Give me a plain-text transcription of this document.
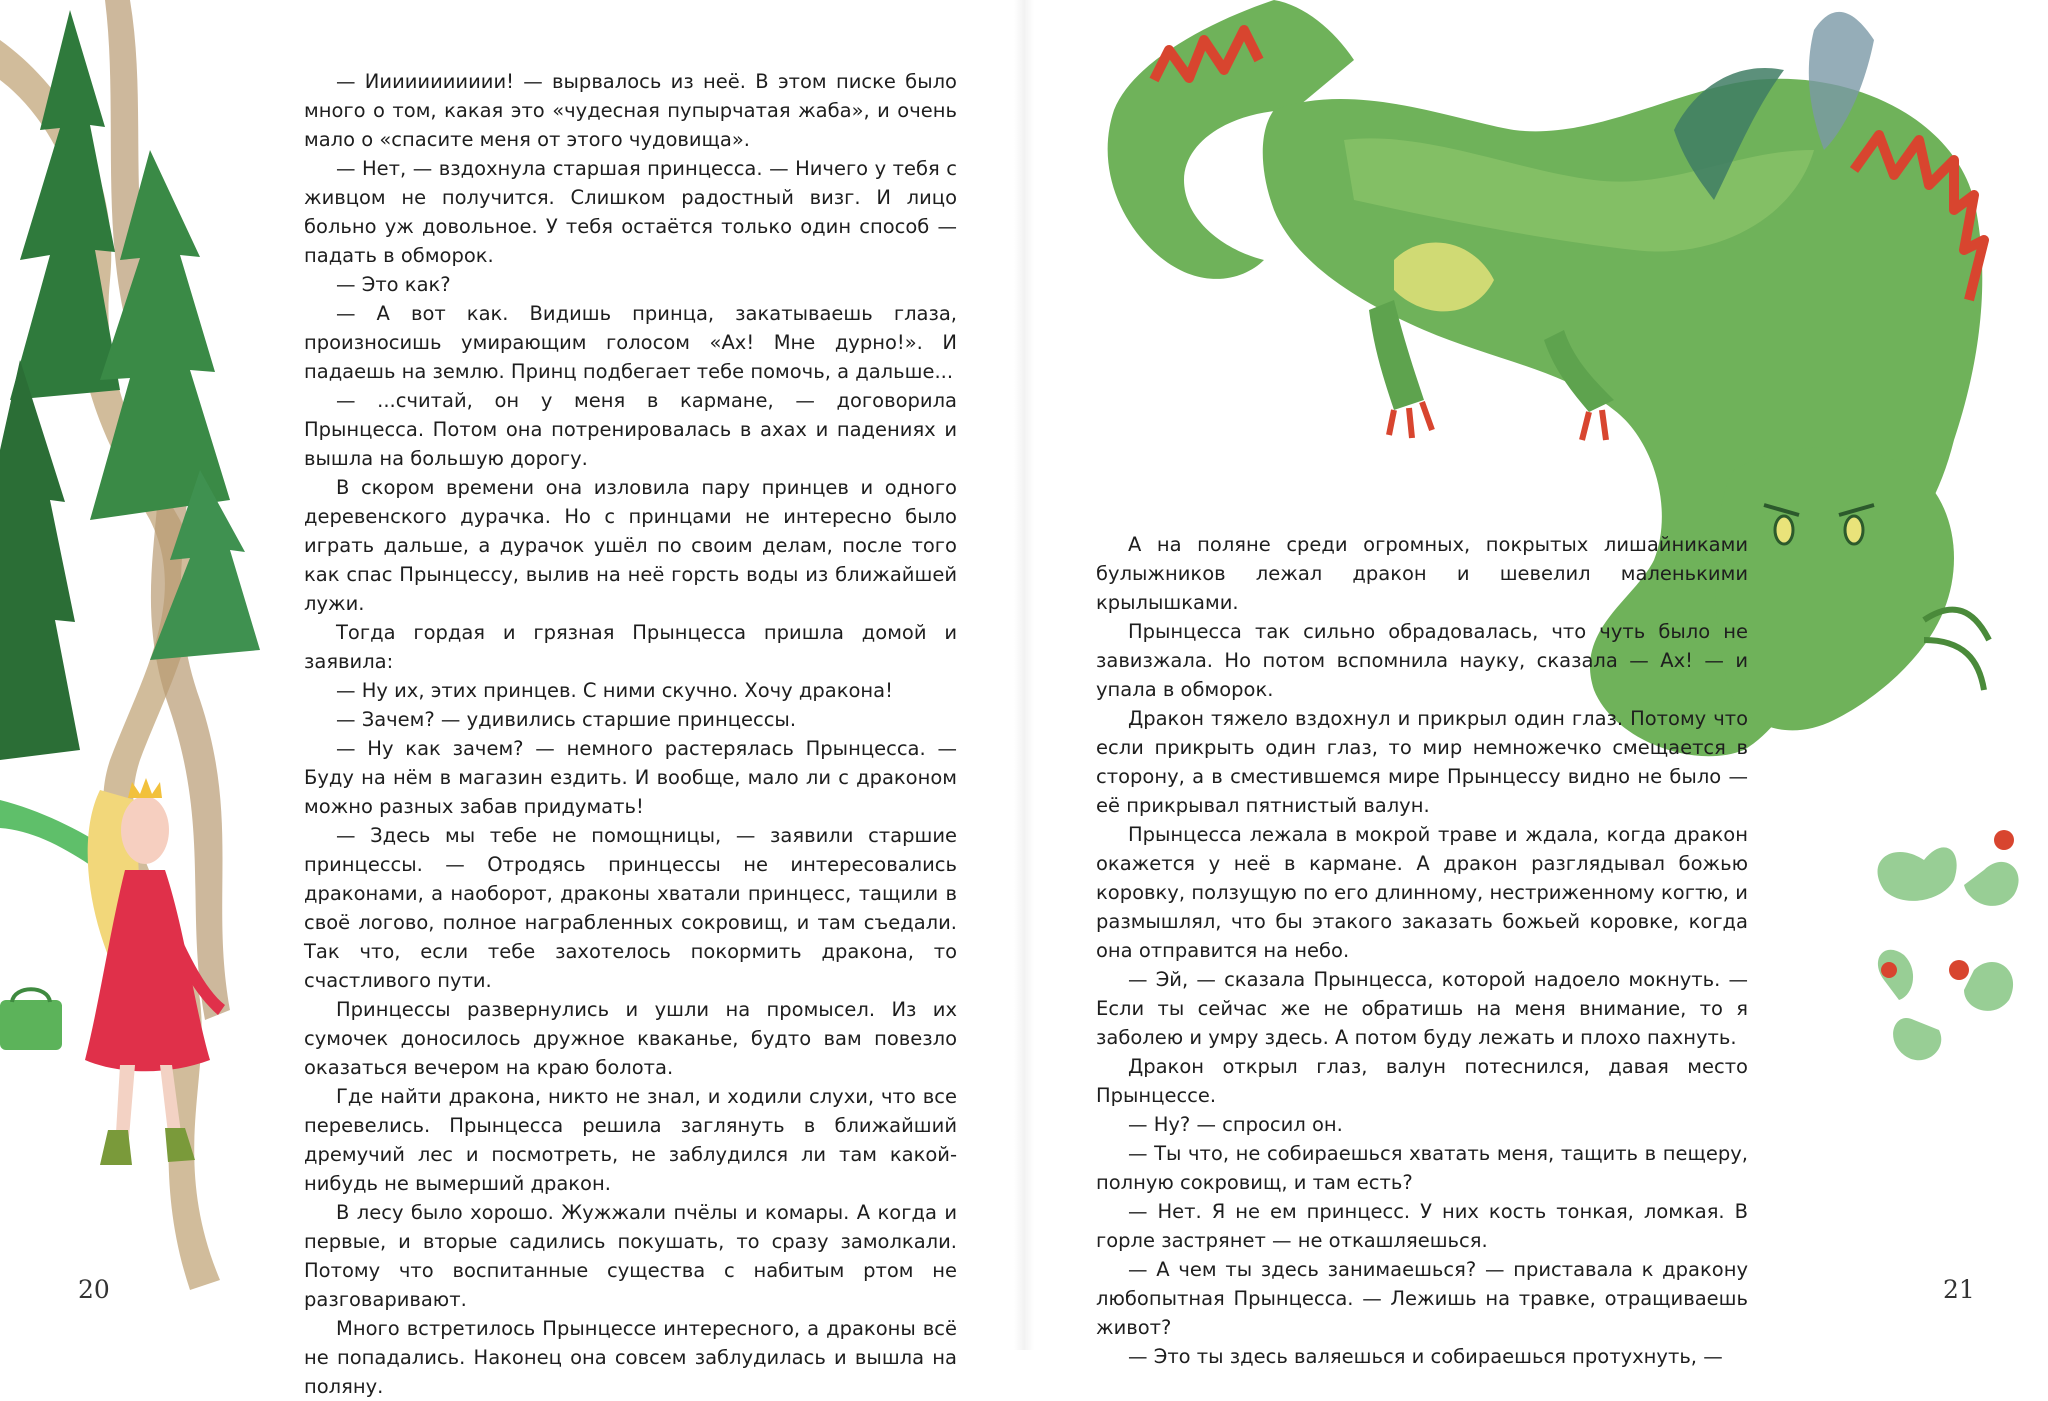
— Иииииииииии! — вырвалось из неё. В этом писке было много о том, какая это «чудесная пупырчатая жаба», и очень мало о «спасите меня от этого чудовища».

— Нет, — вздохнула старшая принцесса. — Ничего у тебя с живцом не получится. Слишком радостный визг. И лицо больно уж довольное. У тебя остаётся только один способ — падать в обморок.

— Это как?

— А вот как. Видишь принца, закатываешь глаза, произносишь умирающим голосом «Ах! Мне дурно!». И падаешь на землю. Принц подбегает тебе помочь, а дальше...

— ...считай, он у меня в кармане, — договорила Прынцесса. Потом она потренировалась в ахах и падениях и вышла на большую дорогу.

В скором времени она изловила пару принцев и одного деревенского дурачка. Но с принцами не интересно было играть дальше, а дурачок ушёл по своим делам, после того как спас Прынцессу, вылив на неё горсть воды из ближайшей лужи.

Тогда гордая и грязная Прынцесса пришла домой и заявила:

— Ну их, этих принцев. С ними скучно. Хочу дракона!

— Зачем? — удивились старшие принцессы.

— Ну как зачем? — немного растерялась Прынцесса. — Буду на нём в магазин ездить. И вообще, мало ли с драконом можно разных забав придумать!

— Здесь мы тебе не помощницы, — заявили старшие принцессы. — Отродясь принцессы не интересовались драконами, а наоборот, драконы хватали принцесс, тащили в своё логово, полное награбленных сокровищ, и там съедали. Так что, если тебе захотелось покормить дракона, то счастливого пути.

Принцессы развернулись и ушли на промысел. Из их сумочек доносилось дружное кваканье, будто вам повезло оказаться вечером на краю болота.

Где найти дракона, никто не знал, и ходили слухи, что все перевелись. Прынцесса решила заглянуть в ближайший дремучий лес и посмотреть, не заблудился ли там какой-нибудь не вымерший дракон.

В лесу было хорошо. Жужжали пчёлы и комары. А когда и первые, и вторые садились покушать, то сразу замолкали. Потому что воспитанные существа с набитым ртом не разговаривают.

Много встретилось Прынцессе интересного, а драконы всё не попадались. Наконец она совсем заблудилась и вышла на поляну.

20

А на поляне среди огромных, покрытых лишайниками булыжников лежал дракон и шевелил маленькими крылышками.

Прынцесса так сильно обрадовалась, что чуть было не завизжала. Но потом вспомнила науку, сказала — Ах! — и упала в обморок.

Дракон тяжело вздохнул и прикрыл один глаз. Потому что если прикрыть один глаз, то мир немножечко смещается в сторону, а в сместившемся мире Прынцессу видно не было — её прикрывал пятнистый валун.

Прынцесса лежала в мокрой траве и ждала, когда дракон окажется у неё в кармане. А дракон разглядывал божью коровку, ползущую по его длинному, нестриженному когтю, и размышлял, что бы этакого заказать божьей коровке, когда она отправится на небо.

— Эй, — сказала Прынцесса, которой надоело мокнуть. — Если ты сейчас же не обратишь на меня внимание, то я заболею и умру здесь. А потом буду лежать и плохо пахнуть.

Дракон открыл глаз, валун потеснился, давая место Прынцессе.

— Ну? — спросил он.

— Ты что, не собираешься хватать меня, тащить в пещеру, полную сокровищ, и там есть?

— Нет. Я не ем принцесс. У них кость тонкая, ломкая. В горле застрянет — не откашляешься.

— А чем ты здесь занимаешься? — приставала к дракону любопытная Прынцесса. — Лежишь на травке, отращиваешь живот?

— Это ты здесь валяешься и собираешься протухнуть, —

21
